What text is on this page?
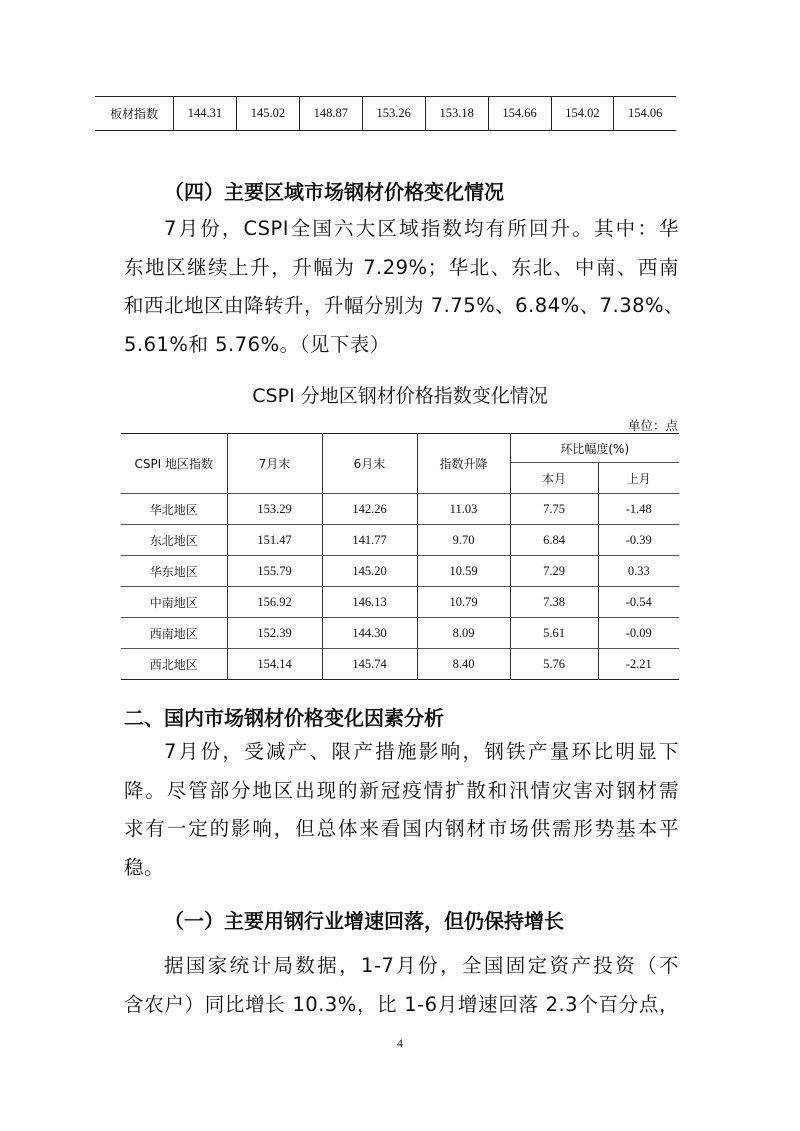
板材指数	144.31	145.02	148.87	153.26	153.18	154.66	154.02	154.06
（四）主要区域市场钢材价格变化情况
7月份，CSPI全国六大区域指数均有所回升。其中：华
东地区继续上升，升幅为 7.29%；华北、东北、中南、西南
和西北地区由降转升，升幅分别为 7.75%、6.84%、7.38%、
5.61%和 5.76%。（见下表）
CSPI 分地区钢材价格指数变化情况
单位：点
CSPI 地区指数	7月末	6月末	指数升降	环比幅度(%)	
				本月	上月
华北地区	153.29	142.26	11.03	7.75	-1.48
东北地区	151.47	141.77	9.70	6.84	-0.39
华东地区	155.79	145.20	10.59	7.29	0.33
中南地区	156.92	146.13	10.79	7.38	-0.54
西南地区	152.39	144.30	8.09	5.61	-0.09
西北地区	154.14	145.74	8.40	5.76	-2.21
二、国内市场钢材价格变化因素分析
7月份，受减产、限产措施影响，钢铁产量环比明显下
降。尽管部分地区出现的新冠疫情扩散和汛情灾害对钢材需
求有一定的影响，但总体来看国内钢材市场供需形势基本平
稳。
（一）主要用钢行业增速回落，但仍保持增长
据国家统计局数据，1-7月份，全国固定资产投资（不
含农户）同比增长 10.3%，比 1-6月增速回落 2.3个百分点，
4
